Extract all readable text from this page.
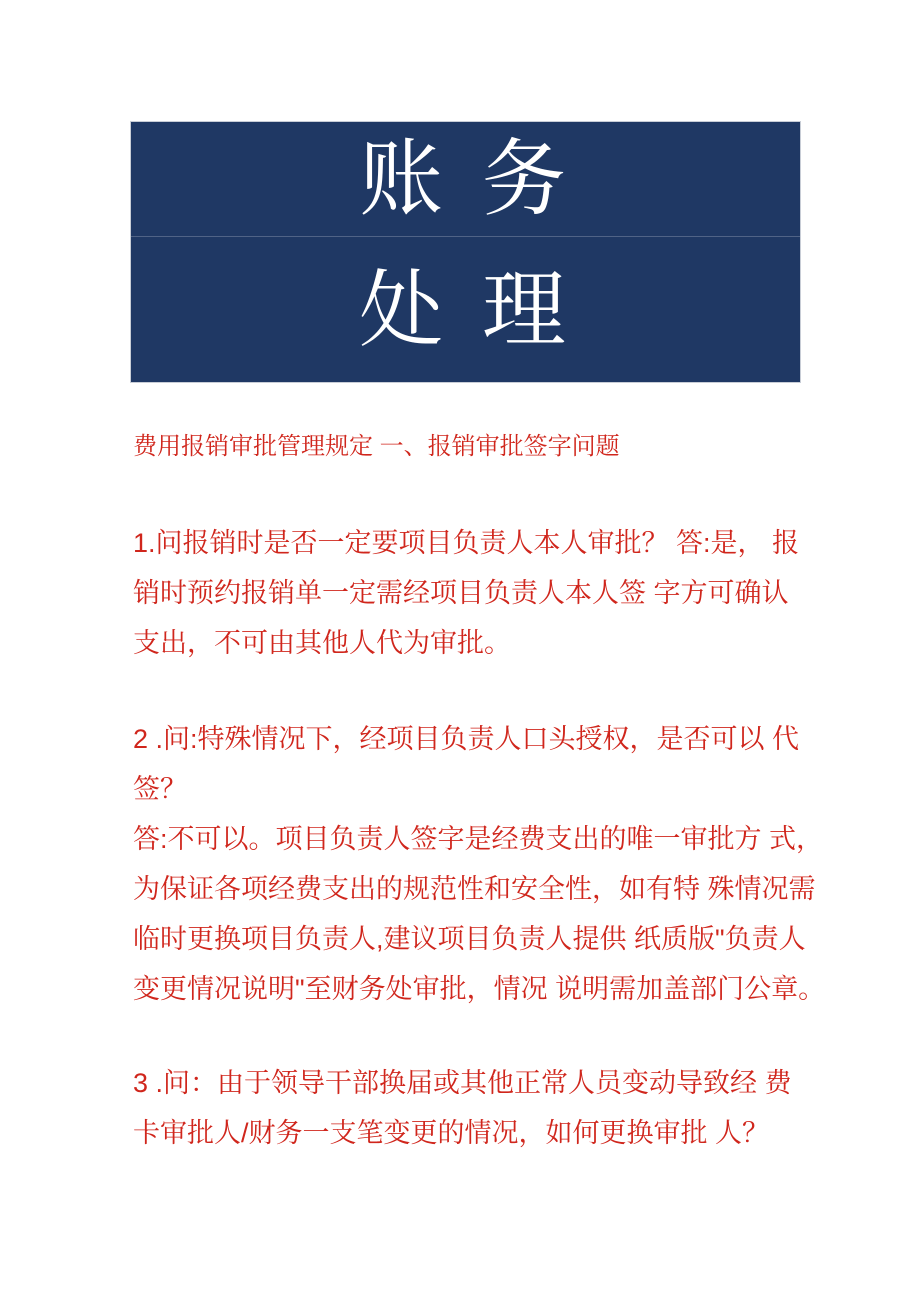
账 务
处 理
费用报销审批管理规定 一、报销审批签字问题
1.问报销时是否一定要项目负责人本人审批？ 答:是， 报
销时预约报销单一定需经项目负责人本人签 字方可确认
支出，不可由其他人代为审批。
2 .问:特殊情况下，经项目负责人口头授权，是否可以 代
签？
答:不可以。项目负责人签字是经费支出的唯一审批方 式，
为保证各项经费支出的规范性和安全性，如有特 殊情况需
临时更换项目负责人,建议项目负责人提供 纸质版"负责人
变更情况说明"至财务处审批，情况 说明需加盖部门公章。
3 .问：由于领导干部换届或其他正常人员变动导致经 费
卡审批人/财务一支笔变更的情况，如何更换审批 人？
